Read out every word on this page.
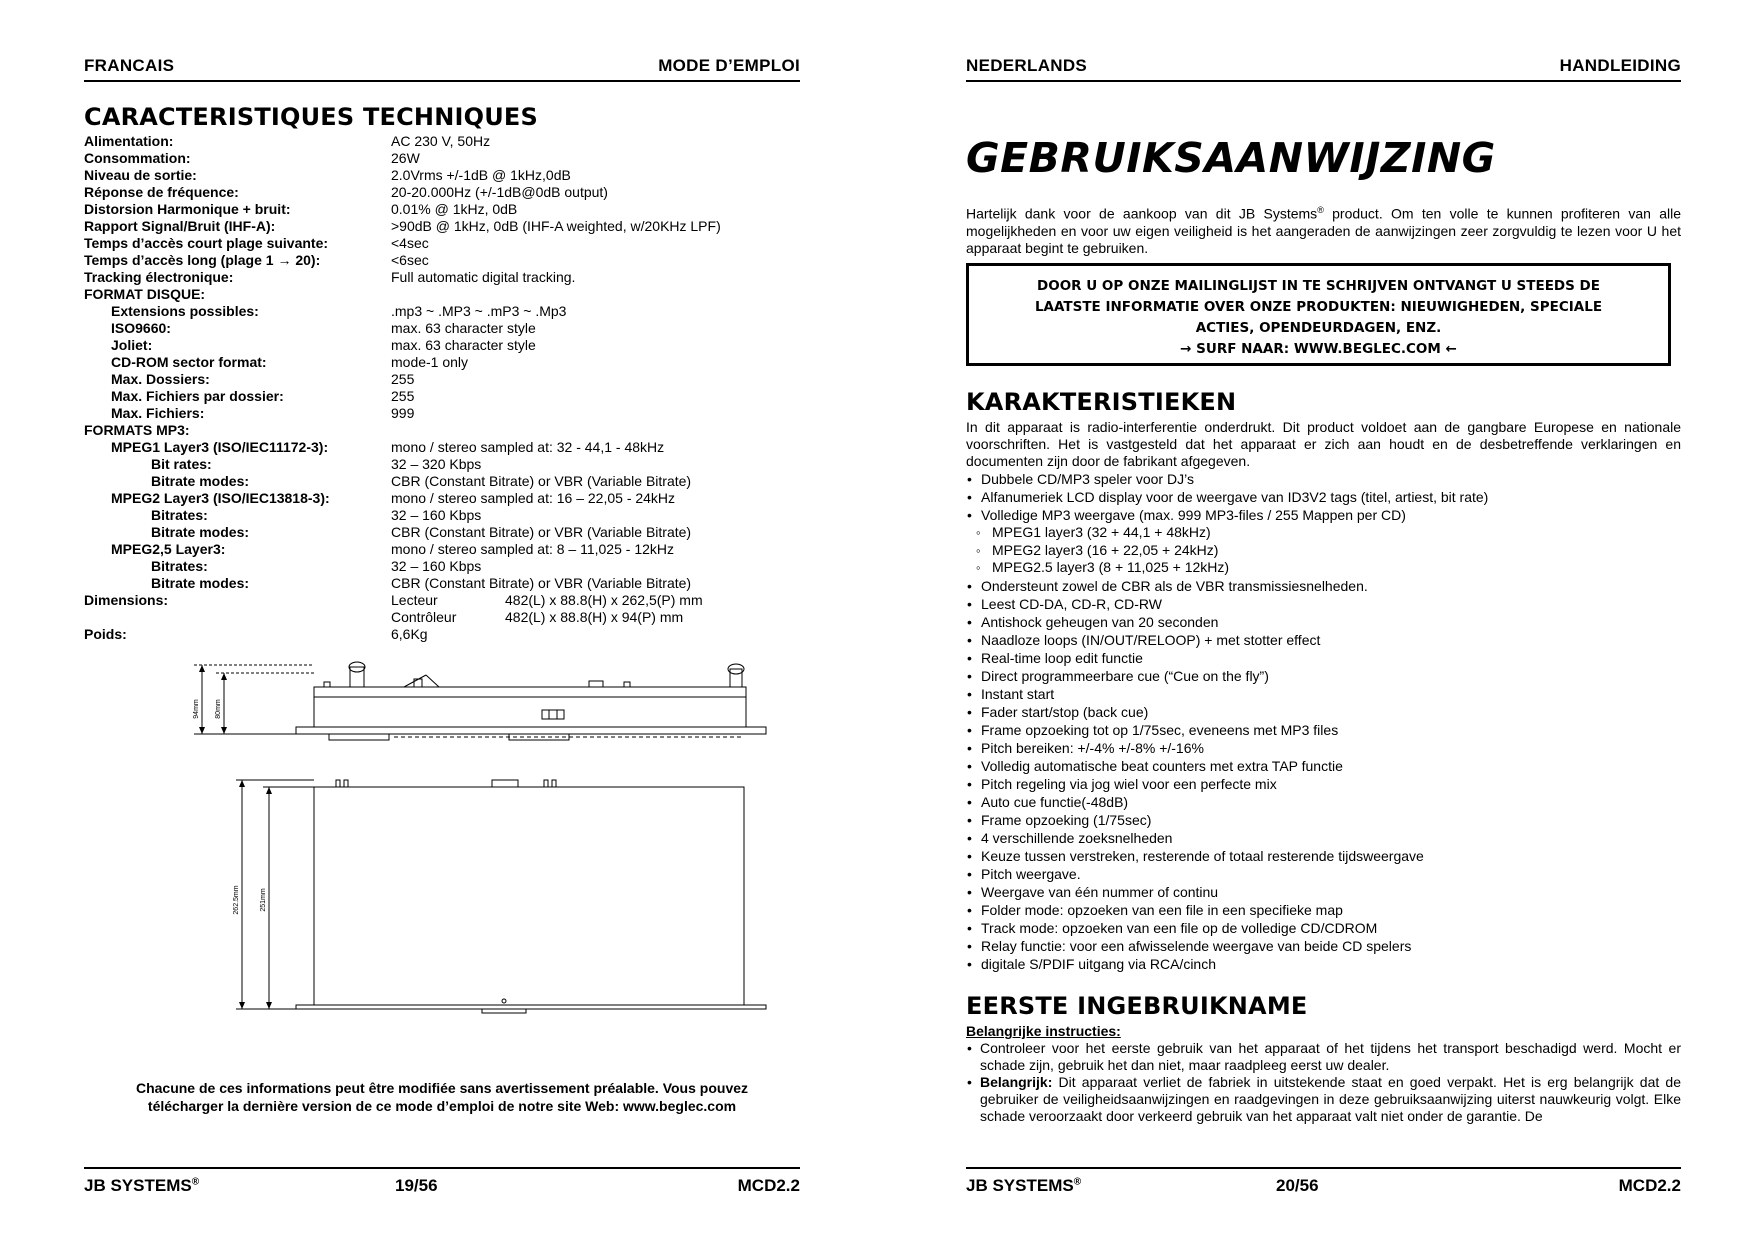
FRANCAIS	MODE D’EMPLOI
CARACTERISTIQUES TECHNIQUES
Alimentation:	AC 230 V, 50Hz
Consommation:	26W
Niveau de sortie:	2.0Vrms +/-1dB @ 1kHz,0dB
Réponse de fréquence:	20-20.000Hz (+/-1dB@0dB output)
Distorsion Harmonique + bruit:	0.01% @ 1kHz, 0dB
Rapport Signal/Bruit (IHF-A):	>90dB @ 1kHz, 0dB (IHF-A weighted, w/20KHz LPF)
Temps d’accès court plage suivante:	<4sec
Temps d’accès long (plage 1 → 20):	<6sec
Tracking électronique:	Full automatic digital tracking.
FORMAT DISQUE:
Extensions possibles:	.mp3 ~ .MP3 ~ .mP3 ~ .Mp3
ISO9660:	max. 63 character style
Joliet:	max. 63 character style
CD-ROM sector format:	mode-1 only
Max. Dossiers:	255
Max. Fichiers par dossier:	255
Max. Fichiers:	999
FORMATS MP3:
MPEG1 Layer3 (ISO/IEC11172-3):	mono / stereo sampled at: 32 - 44,1 - 48kHz
Bit rates:	32 – 320 Kbps
Bitrate modes:	CBR (Constant Bitrate) or VBR (Variable Bitrate)
MPEG2 Layer3 (ISO/IEC13818-3):	mono / stereo sampled at: 16 – 22,05 - 24kHz
Bitrates:	32 – 160 Kbps
Bitrate modes:	CBR (Constant Bitrate) or VBR (Variable Bitrate)
MPEG2,5 Layer3:	mono / stereo sampled at: 8 – 11,025 - 12kHz
Bitrates:	32 – 160 Kbps
Bitrate modes:	CBR (Constant Bitrate) or VBR (Variable Bitrate)
Dimensions:	Lecteur	482(L) x 88.8(H) x 262,5(P) mm
Contrôleur	482(L) x 88.8(H) x 94(P) mm
Poids:	6,6Kg
94mm 80mm
262.5mm	251mm
Chacune de ces informations peut être modifiée sans avertissement préalable. Vous pouvez
télécharger la dernière version de ce mode d’emploi de notre site Web: www.beglec.com
JB SYSTEMS®	19/56	MCD2.2
NEDERLANDS	HANDLEIDING
GEBRUIKSAANWIJZING
Hartelijk dank voor de aankoop van dit JB Systems® product. Om ten volle te kunnen profiteren van alle mogelijkheden en voor uw eigen veiligheid is het aangeraden de aanwijzingen zeer zorgvuldig te lezen voor U het apparaat begint te gebruiken.
DOOR U OP ONZE MAILINGLIJST IN TE SCHRIJVEN ONTVANGT U STEEDS DE
LAATSTE INFORMATIE OVER ONZE PRODUKTEN: NIEUWIGHEDEN, SPECIALE
ACTIES, OPENDEURDAGEN, ENZ.
→ SURF NAAR: WWW.BEGLEC.COM ←
KARAKTERISTIEKEN
In dit apparaat is radio-interferentie onderdrukt. Dit product voldoet aan de gangbare Europese en nationale voorschriften. Het is vastgesteld dat het apparaat er zich aan houdt en de desbetreffende verklaringen en documenten zijn door de fabrikant afgegeven.
• Dubbele CD/MP3 speler voor DJ’s
• Alfanumeriek LCD display voor de weergave van ID3V2 tags (titel, artiest, bit rate)
• Volledige MP3 weergave (max. 999 MP3-files / 255 Mappen per CD)
◦ MPEG1 layer3 (32 + 44,1 + 48kHz)
◦ MPEG2 layer3 (16 + 22,05 + 24kHz)
◦ MPEG2.5 layer3 (8 + 11,025 + 12kHz)
• Ondersteunt zowel de CBR als de VBR transmissiesnelheden.
• Leest CD-DA, CD-R, CD-RW
• Antishock geheugen van 20 seconden
• Naadloze loops (IN/OUT/RELOOP) + met stotter effect
• Real-time loop edit functie
• Direct programmeerbare cue (“Cue on the fly”)
• Instant start
• Fader start/stop (back cue)
• Frame opzoeking tot op 1/75sec, eveneens met MP3 files
• Pitch bereiken: +/-4% +/-8% +/-16%
• Volledig automatische beat counters met extra TAP functie
• Pitch regeling via jog wiel voor een perfecte mix
• Auto cue functie(-48dB)
• Frame opzoeking (1/75sec)
• 4 verschillende zoeksnelheden
• Keuze tussen verstreken, resterende of totaal resterende tijdsweergave
• Pitch weergave.
• Weergave van één nummer of continu
• Folder mode: opzoeken van een file in een specifieke map
• Track mode: opzoeken van een file op de volledige CD/CDROM
• Relay functie: voor een afwisselende weergave van beide CD spelers
• digitale S/PDIF uitgang via RCA/cinch
EERSTE INGEBRUIKNAME
Belangrijke instructies:
• Controleer voor het eerste gebruik van het apparaat of het tijdens het transport beschadigd werd. Mocht er schade zijn, gebruik het dan niet, maar raadpleeg eerst uw dealer.
• Belangrijk: Dit apparaat verliet de fabriek in uitstekende staat en goed verpakt. Het is erg belangrijk dat de gebruiker de veiligheidsaanwijzingen en raadgevingen in deze gebruiksaanwijzing uiterst nauwkeurig volgt. Elke schade veroorzaakt door verkeerd gebruik van het apparaat valt niet onder de garantie. De
JB SYSTEMS®	20/56	MCD2.2
